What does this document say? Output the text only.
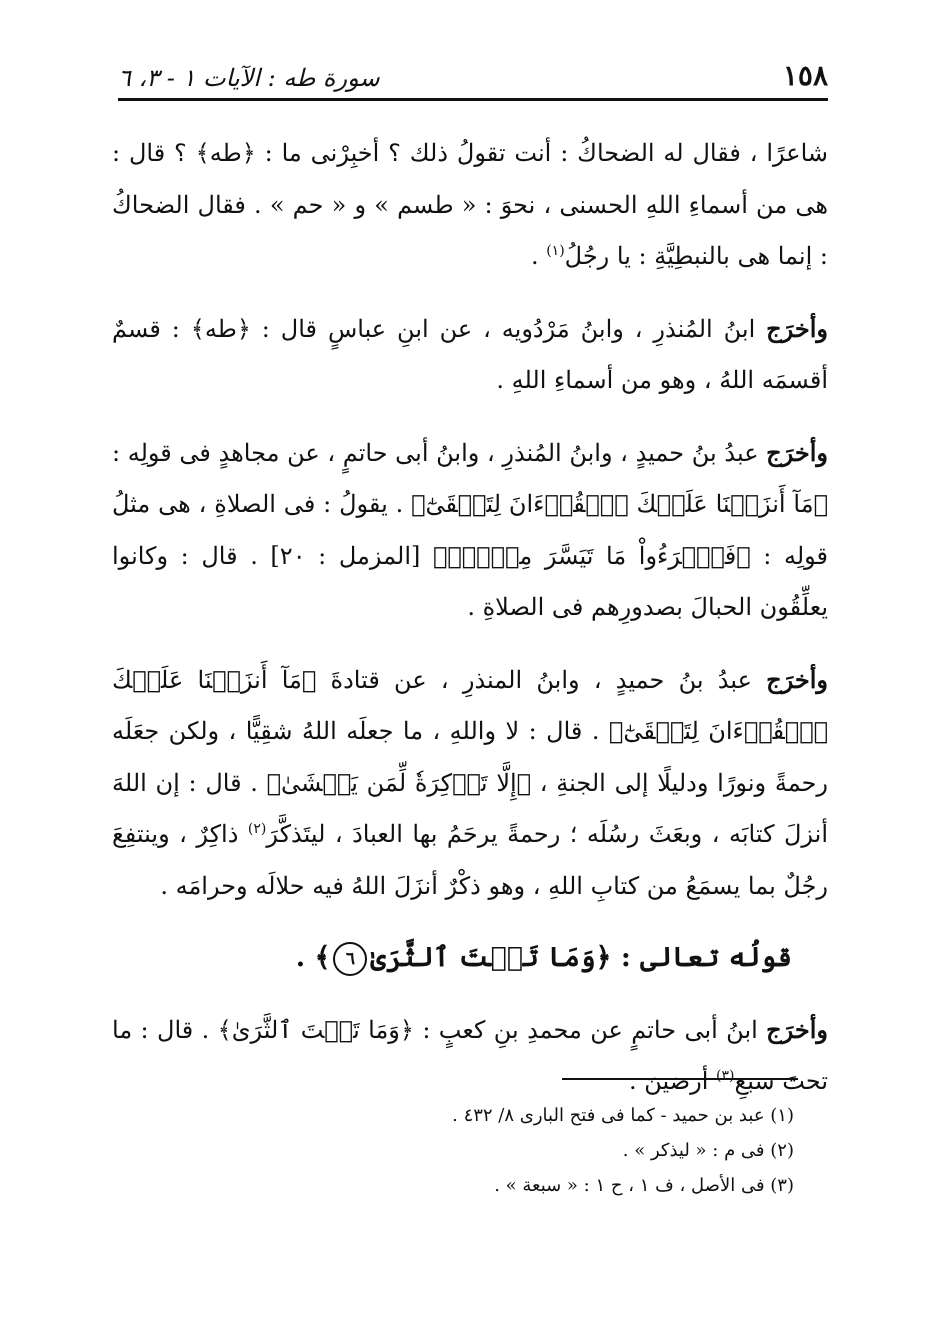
١٥٨
سورة طه : الآيات ١ - ٣، ٦

شاعرًا ، فقال له الضحاكُ : أنت تقولُ ذلك ؟ أخبِرْنى ما : ﴿طه﴾ ؟ قال : هى من أسماءِ اللهِ الحسنى ، نحوَ : « طسم » و « حم » . فقال الضحاكُ : إنما هى بالنبطِيَّةِ : يا رجُلُ$^{(١)}$ .

وأخرَج ابنُ المُنذرِ ، وابنُ مَرْدُويه ، عن ابنِ عباسٍ قال : ﴿طه﴾ : قسمٌ أقسمَه اللهُ ، وهو من أسماءِ اللهِ .

وأخرَج عبدُ بنُ حميدٍ ، وابنُ المُنذرِ ، وابنُ أبى حاتمٍ ، عن مجاهدٍ فى قولِه : ﴿مَآ أَنزَلۡنَا عَلَيۡكَ ٱلۡقُرۡءَانَ لِتَشۡقَىٰٓ﴾ . يقولُ : فى الصلاةِ ، هى مثلُ قولِه : ﴿فَٱقۡرَءُواْ مَا تَيَسَّرَ مِنۡهُۚ﴾ [المزمل : ٢٠] . قال : وكانوا يعلِّقُون الحبالَ بصدورِهم فى الصلاةِ .

وأخرَج عبدُ بنُ حميدٍ ، وابنُ المنذرِ ، عن قتادةَ ﴿مَآ أَنزَلۡنَا عَلَيۡكَ ٱلۡقُرۡءَانَ لِتَشۡقَىٰٓ﴾ . قال : لا واللهِ ، ما جعلَه اللهُ شقِيًّا ، ولكن جعَلَه رحمةً ونورًا ودليلًا إلى الجنةِ ، ﴿إِلَّا تَذۡكِرَةٗ لِّمَن يَخۡشَىٰ﴾ . قال : إن اللهَ أنزلَ كتابَه ، وبعَثَ رسُلَه ؛ رحمةً يرحَمُ بها العبادَ ، ليتَذكَّرَ$^{(٢)}$ ذاكِرٌ ، وينتفِعَ رجُلٌ بما يسمَعُ من كتابِ اللهِ ، وهو ذكْرٌ أنزَلَ اللهُ فيه حلالَه وحرامَه .

قولُه تعالى : ﴿وَمَا تَحۡتَ ٱلثَّرَىٰ٦﴾ .

وأخرَج ابنُ أبى حاتمٍ عن محمدِ بنِ كعبٍ : ﴿وَمَا تَحۡتَ ٱلثَّرَىٰ﴾ . قال : ما تحتَ سبعِ$^{(٣)}$ أرضينَ .

(١) عبد بن حميد - كما فى فتح البارى ٨/ ٤٣٢ .
(٢) فى م : « ليذكر » .
(٣) فى الأصل ، ف ١ ، ح ١ : « سبعة » .
